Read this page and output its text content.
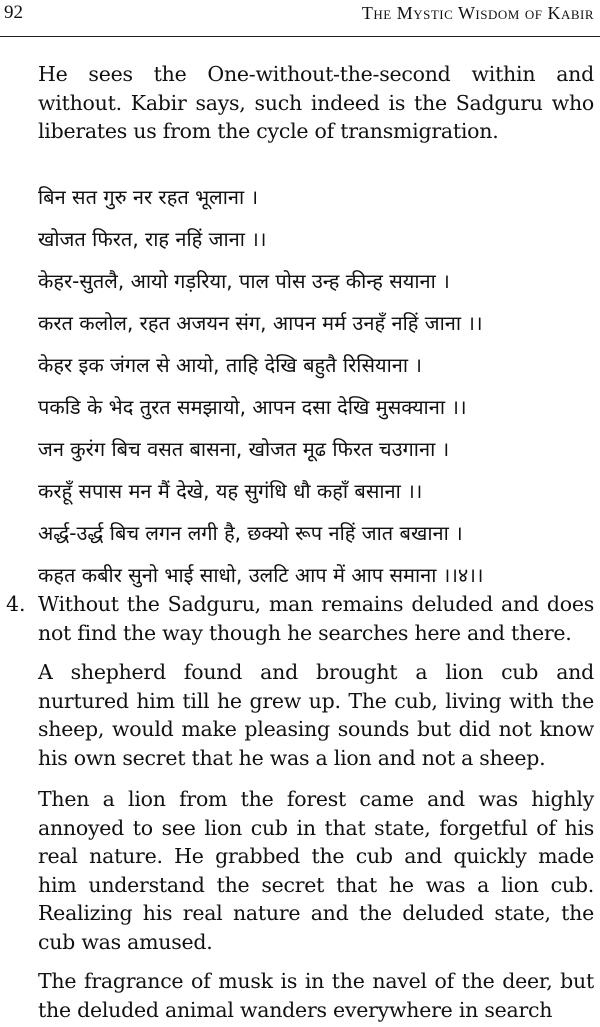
92	The Mystic Wisdom of Kabir
He sees the One-without-the-second within and without. Kabir says, such indeed is the Sadguru who liberates us from the cycle of transmigration.
बिन सत गुरु नर रहत भूलाना ।
खोजत फिरत, राह नहिं जाना ।।
केहर-सुतलै, आयो गड़रिया, पाल पोस उन्ह कीन्ह सयाना ।
करत कलोल, रहत अजयन संग, आपन मर्म उनहँ नहिं जाना ।।
केहर इक जंगल से आयो, ताहि देखि बहुतै रिसियाना ।
पकडि के भेद तुरत समझायो, आपन दसा देखि मुसक्याना ।।
जन कुरंग बिच वसत बासना, खोजत मूढ फिरत चउगाना ।
करहूँ सपास मन मैं देखे, यह सुगंधि धौ कहाँ बसाना ।।
अर्द्ध-उर्द्ध बिच लगन लगी है, छक्यो रूप नहिं जात बखाना ।
कहत कबीर सुनो भाई साधो, उलटि आप में आप समाना ।।४।।
4. Without the Sadguru, man remains deluded and does not find the way though he searches here and there.
A shepherd found and brought a lion cub and nurtured him till he grew up. The cub, living with the sheep, would make pleasing sounds but did not know his own secret that he was a lion and not a sheep.
Then a lion from the forest came and was highly annoyed to see lion cub in that state, forgetful of his real nature. He grabbed the cub and quickly made him understand the secret that he was a lion cub. Realizing his real nature and the deluded state, the cub was amused.
The fragrance of musk is in the navel of the deer, but the deluded animal wanders everywhere in search
